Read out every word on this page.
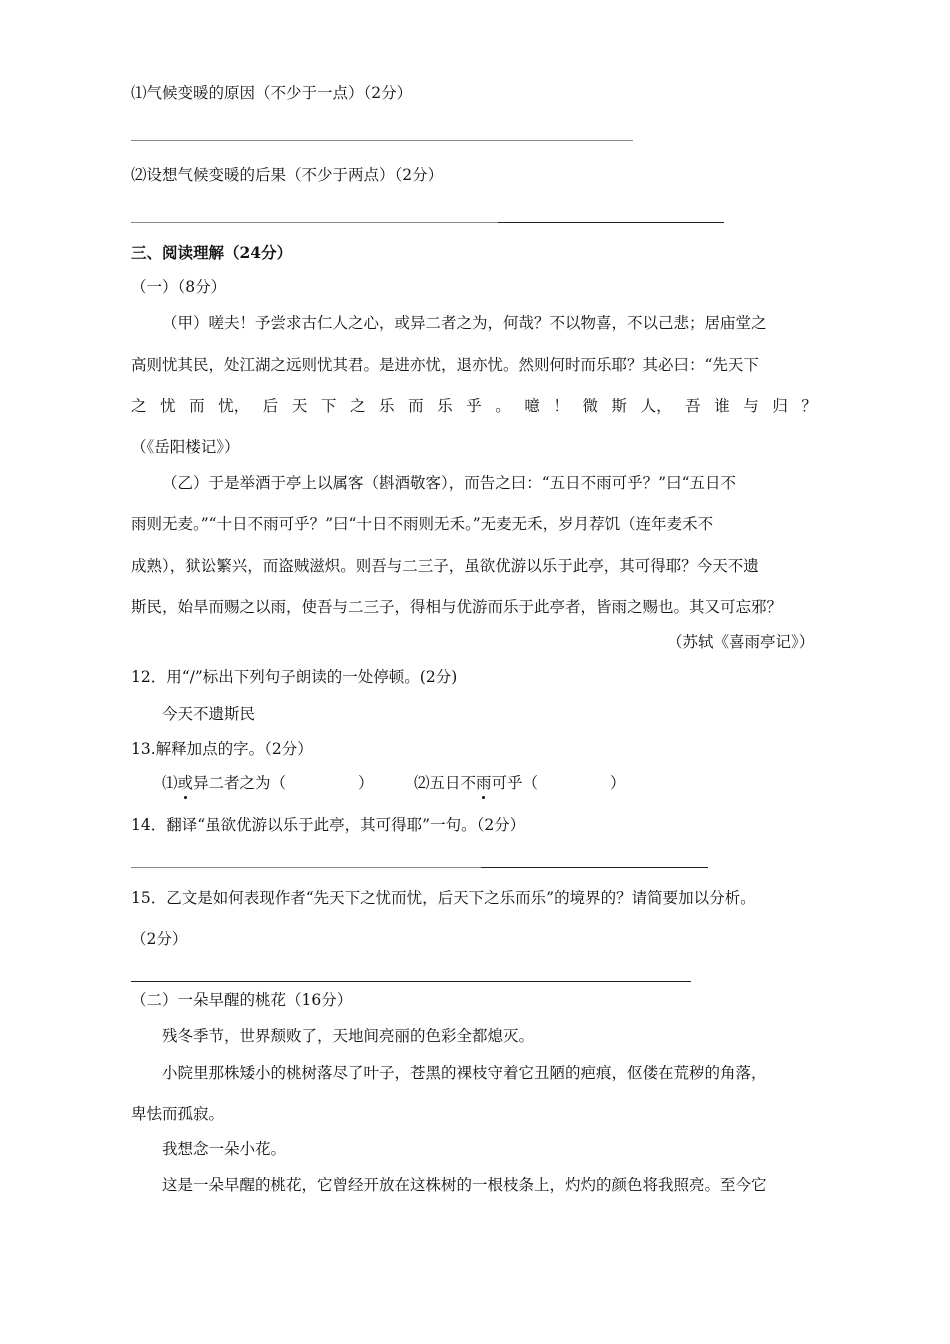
⑴气候变暖的原因（不少于一点）（2分）
⑵设想气候变暖的后果（不少于两点）（2分）
三、阅读理解（24分）
（一）（8分）
（甲）嗟夫！予尝求古仁人之心，或异二者之为，何哉？不以物喜，不以己悲；居庙堂之
高则忧其民，处江湖之远则忧其君。是进亦忧，退亦忧。然则何时而乐耶？其必曰：“先天下
之 忧 而 忧， 后 天 下 之 乐 而 乐 乎 。 噫 ！ 微 斯 人， 吾 谁 与 归 ？
（《岳阳楼记》）
（乙）于是举酒于亭上以属客（斟酒敬客），而告之曰：“五日不雨可乎？”曰“五日不
雨则无麦。”“十日不雨可乎？”曰“十日不雨则无禾。”无麦无禾，岁月荐饥（连年麦禾不
成熟），狱讼繁兴，而盗贼滋炽。则吾与二三子，虽欲优游以乐于此亭，其可得耶？今天不遗
斯民，始旱而赐之以雨，使吾与二三子，得相与优游而乐于此亭者，皆雨之赐也。其又可忘邪？
（苏轼《喜雨亭记》）
12．用“/”标出下列句子朗读的一处停顿。(2分)
今天不遗斯民
13.解释加点的字。（2分）
⑴或异二者之为（	）	⑵五日不雨可乎（	）
14．翻译“虽欲优游以乐于此亭，其可得耶”一句。（2分）
15．乙文是如何表现作者“先天下之忧而忧，后天下之乐而乐”的境界的？请简要加以分析。
（2分）
（二）一朵早醒的桃花（16分）
残冬季节，世界颓败了，天地间亮丽的色彩全都熄灭。
小院里那株矮小的桃树落尽了叶子，苍黑的裸枝守着它丑陋的疤痕，伛偻在荒秽的角落，
卑怯而孤寂。
我想念一朵小花。
这是一朵早醒的桃花，它曾经开放在这株树的一根枝条上，灼灼的颜色将我照亮。至今它
